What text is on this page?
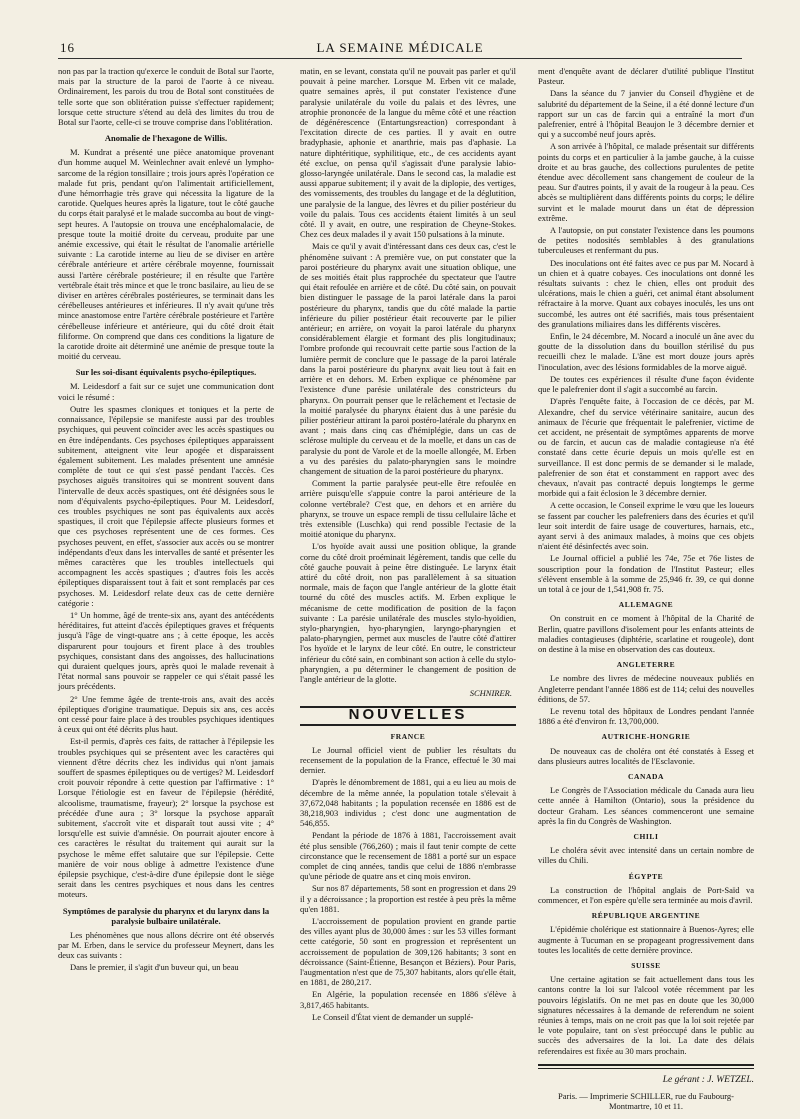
16	LA SEMAINE MÉDICALE

non pas par la traction qu'exerce le conduit de Botal sur l'aorte, mais par la structure de la paroi de l'aorte à ce niveau. Ordinairement, les parois du trou de Botal sont constituées de telle sorte que son oblitération puisse s'effectuer rapidement; lorsque cette structure s'étend au delà des limites du trou de Botal sur l'aorte, celle-ci se trouve comprise dans l'oblitération.

Anomalie de l'hexagone de Willis.

M. Kundrat a présenté une pièce anatomique provenant d'un homme auquel M. Weinlechner avait enlevé un lympho-sarcome de la région tonsillaire ; trois jours après l'opération ce malade fut pris, pendant qu'on l'alimentait artificiellement, d'une hémorrhagie très grave qui nécessita la ligature de la carotide. Quelques heures après la ligature, tout le côté gauche du corps était paralysé et le malade succomba au bout de vingt-sept heures. A l'autopsie on trouva une encéphalomalacie, de presque toute la moitié droite du cerveau, produite par une anémie excessive, qui était le résultat de l'anomalie artérielle suivante : La carotide interne au lieu de se diviser en artère cérébrale antérieure et artère cérébrale moyenne, fournissait aussi l'artère cérébrale postérieure; il en résulte que l'artère vertébrale était très mince et que le tronc basilaire, au lieu de se diviser en artères cérébrales postérieures, se terminait dans les cérébelleuses antérieures et inférieures. Il n'y avait qu'une très mince anastomose entre l'artère cérébrale postérieure et l'artère cérébelleuse inférieure et antérieure, qui du côté droit était filiforme. On comprend que dans ces conditions la ligature de la carotide droite ait déterminé une anémie de presque toute la moitié du cerveau.

Sur les soi-disant équivalents psycho-épileptiques.

M. Leidesdorf a fait sur ce sujet une communication dont voici le résumé :

Outre les spasmes cloniques et toniques et la perte de connaissance, l'épilepsie se manifeste aussi par des troubles psychiques, qui peuvent coïncider avec les accès spastiques ou en être indépendants. Ces psychoses épileptiques apparaissent subitement, atteignent vite leur apogée et disparaissent également subitement. Les malades présentent une amnésie complète de tout ce qui s'est passé pendant l'accès. Ces psychoses aiguës transitoires qui se montrent souvent dans l'intervalle de deux accès spastiques, ont été désignées sous le nom d'équivalents psycho-épileptiques. Pour M. Leidesdorf, ces troubles psychiques ne sont pas équivalents aux accès spastiques, il croit que l'épilepsie affecte plusieurs formes et que ces psychoses représentent une de ces formes. Ces psychoses peuvent, en effet, s'associer aux accès ou se montrer indépendants d'eux dans les intervalles de santé et présenter les mêmes caractères que les troubles intellectuels qui accompagnent les accès spastiques ; d'autres fois les accès épileptiques disparaissent tout à fait et sont remplacés par ces psychoses. M. Leidesdorf relate deux cas de cette dernière catégorie :

1° Un homme, âgé de trente-six ans, ayant des antécédents héréditaires, fut atteint d'accès épileptiques graves et fréquents jusqu'à l'âge de vingt-quatre ans ; à cette époque, les accès disparurent pour toujours et firent place à des troubles psychiques, consistant dans des angoisses, des hallucinations qui duraient quelques jours, après quoi le malade revenait à l'état normal sans pouvoir se rappeler ce qui s'était passé les jours précédents.

2° Une femme âgée de trente-trois ans, avait des accès épileptiques d'origine traumatique. Depuis six ans, ces accès ont cessé pour faire place à des troubles psychiques identiques à ceux qui ont été décrits plus haut.

Est-il permis, d'après ces faits, de rattacher à l'épilepsie les troubles psychiques qui se présentent avec les caractères qui viennent d'être décrits chez les individus qui n'ont jamais souffert de spasmes épileptiques ou de vertiges? M. Leidesdorf croit pouvoir répondre à cette question par l'affirmative : 1° Lorsque l'étiologie est en faveur de l'épilepsie (hérédité, alcoolisme, traumatisme, frayeur); 2° lorsque la psychose est précédée d'une aura ; 3° lorsque la psychose apparaît subitement, s'accroît vite et disparaît tout aussi vite ; 4° lorsqu'elle est suivie d'amnésie. On pourrait ajouter encore à ces caractères le résultat du traitement qui aurait sur la psychose le même effet salutaire que sur l'épilepsie. Cette manière de voir nous oblige à admettre l'existence d'une épilepsie psychique, c'est-à-dire d'une épilepsie dont le siège serait dans les centres psychiques et nous dans les centres moteurs.

Symptômes de paralysie du pharynx et du larynx dans la paralysie bulbaire unilatérale.

Les phénomènes que nous allons décrire ont été observés par M. Erben, dans le service du professeur Meynert, dans les deux cas suivants :

Dans le premier, il s'agit d'un buveur qui, un beau

matin, en se levant, constata qu'il ne pouvait pas parler et qu'il pouvait à peine marcher. Lorsque M. Erben vit ce malade, quatre semaines après, il put constater l'existence d'une paralysie unilatérale du voile du palais et des lèvres, une atrophie prononcée de la langue du même côté et une réaction de dégénérescence (Entartungsreaction) correspondant à l'excitation directe de ces parties. Il y avait en outre bradyphasie, aphonie et anarthrie, mais pas d'aphasie. La nature diphtéritique, syphilitique, etc., de ces accidents ayant été exclue, on pensa qu'il s'agissait d'une paralysie labio-glosso-laryngée unilatérale. Dans le second cas, la maladie est aussi apparue subitement; il y avait de la diplopie, des vertiges, des vomissements, des troubles du langage et de la déglutition, une paralysie de la langue, des lèvres et du pilier postérieur du voile du palais. Tous ces accidents étaient limités à un seul côté. Il y avait, en outre, une respiration de Cheyne-Stokes. Chez ces deux malades il y avait 150 pulsations à la minute.

Mais ce qu'il y avait d'intéressant dans ces deux cas, c'est le phénomène suivant : A première vue, on put constater que la paroi postérieure du pharynx avait une situation oblique, une de ses moitiés était plus rapprochée du spectateur que l'autre qui était refoulée en arrière et de côté. Du côté sain, on pouvait bien distinguer le passage de la paroi latérale dans la paroi postérieure du pharynx, tandis que du côté malade la partie inférieure du pilier postérieur était recouverte par le pilier antérieur; en arrière, on voyait la paroi latérale du pharynx considérablement élargie et formant des plis longitudinaux; l'ombre profonde qui recouvrait cette partie sous l'action de la lumière permit de conclure que le passage de la paroi latérale dans la paroi postérieure du pharynx avait lieu tout à fait en arrière et en dehors. M. Erben explique ce phénomène par l'existence d'une parésie unilatérale des constricteurs du pharynx. On pourrait penser que le relâchement et l'ectasie de la moitié paralysée du pharynx étaient dus à une parésie du pilier postérieur attirant la paroi postéro-latérale du pharynx en avant ; mais dans cinq cas d'hémiplégie, dans un cas de sclérose multiple du cerveau et de la moelle, et dans un cas de paralysie du pont de Varole et de la moelle allongée, M. Erben a vu des parésies du palato-pharyngien sans le moindre changement de situation de la paroi postérieure du pharynx.

Comment la partie paralysée peut-elle être refoulée en arrière puisqu'elle s'appuie contre la paroi antérieure de la colonne vertébrale? C'est que, en dehors et en arrière du pharynx, se trouve un espace rempli de tissu cellulaire lâche et très extensible (Luschka) qui rend possible l'ectasie de la moitié atonique du pharynx.

L'os hyoïde avait aussi une position oblique, la grande corne du côté droit proéminait légèrement, tandis que celle du côté gauche pouvait à peine être distinguée. Le larynx était attiré du côté droit, non pas parallèlement à sa situation normale, mais de façon que l'angle antérieur de la glotte était tourné du côté des muscles actifs. M. Erben explique le mécanisme de cette modification de position de la façon suivante : La parésie unilatérale des muscles stylo-hyoïdien, stylo-pharyngien, hyo-pharyngien, laryngo-pharyngien et palato-pharyngien, permet aux muscles de l'autre côté d'attirer l'os hyoïde et le larynx de leur côté. En outre, le constricteur inférieur du côté sain, en combinant son action à celle du stylo-pharyngien, a pu déterminer le changement de position de l'angle antérieur de la glotte.

SCHNIRER.
NOUVELLES
FRANCE

Le Journal officiel vient de publier les résultats du recensement de la population de la France, effectué le 30 mai dernier.

D'après le dénombrement de 1881, qui a eu lieu au mois de décembre de la même année, la population totale s'élevait à 37,672,048 habitants ; la population recensée en 1886 est de 38,218,903 individus ; c'est donc une augmentation de 546,855.

Pendant la période de 1876 à 1881, l'accroissement avait été plus sensible (766,260) ; mais il faut tenir compte de cette circonstance que le recensement de 1881 a porté sur un espace complet de cinq années, tandis que celui de 1886 n'embrasse qu'une période de quatre ans et cinq mois environ.

Sur nos 87 départements, 58 sont en progression et dans 29 il y a décroissance ; la proportion est restée à peu près la même qu'en 1881.

L'accroissement de population provient en grande partie des villes ayant plus de 30,000 âmes : sur les 53 villes formant cette catégorie, 50 sont en progression et représentent un accroissement de population de 309,126 habitants; 3 sont en décroissance (Saint-Étienne, Besançon et Béziers). Pour Paris, l'augmentation n'est que de 75,307 habitants, alors qu'elle était, en 1881, de 280,217.

En Algérie, la population recensée en 1886 s'élève à 3,817,465 habitants.

Le Conseil d'État vient de demander un supplé-

ment d'enquête avant de déclarer d'utilité publique l'Institut Pasteur.

Dans la séance du 7 janvier du Conseil d'hygiène et de salubrité du département de la Seine, il a été donné lecture d'un rapport sur un cas de farcin qui a entraîné la mort d'un palefrenier, entré à l'hôpital Beaujon le 3 décembre dernier et qui y a succombé neuf jours après.

A son arrivée à l'hôpital, ce malade présentait sur différents points du corps et en particulier à la jambe gauche, à la cuisse droite et au bras gauche, des collections purulentes de petite étendue avec décollement sans changement de couleur de la peau. Sur d'autres points, il y avait de la rougeur à la peau. Ces abcès se multiplièrent dans différents points du corps; le délire survint et le malade mourut dans un état de dépression extrême.

A l'autopsie, on put constater l'existence dans les poumons de petites nodosités semblables à des granulations tuberculeuses et renfermant du pus.

Des inoculations ont été faites avec ce pus par M. Nocard à un chien et à quatre cobayes. Ces inoculations ont donné les résultats suivants : chez le chien, elles ont produit des ulcérations, mais le chien a guéri, cet animal étant absolument réfractaire à la morve. Quant aux cobayes inoculés, les uns ont succombé, les autres ont été sacrifiés, mais tous présentaient des granulations miliaires dans les différents viscères.

Enfin, le 24 décembre, M. Nocard a inoculé un âne avec du goutte de la dissolution dans du bouillon stérilisé du pus recueilli chez le malade. L'âne est mort douze jours après l'inoculation, avec des lésions formidables de la morve aiguë.

De toutes ces expériences il résulte d'une façon évidente que le palefrenier dont il s'agit a succombé au farcin.

D'après l'enquête faite, à l'occasion de ce décès, par M. Alexandre, chef du service vétérinaire sanitaire, aucun des animaux de l'écurie que fréquentait le palefrenier, victime de cet accident, ne présentait de symptômes apparents de morve ou de farcin, et aucun cas de maladie contagieuse n'a été constaté dans cette écurie depuis un mois qu'elle est en surveillance. Il est donc permis de se demander si le malade, palefrenier de son état et constamment en rapport avec des chevaux, n'avait pas contracté depuis longtemps le germe morbide qui a fait éclosion le 3 décembre dernier.

A cette occasion, le Conseil exprime le vœu que les loueurs se fassent par coucher les palefreniers dans des écuries et qu'il leur soit interdit de faire usage de couvertures, harnais, etc., ayant servi à des animaux malades, à moins que ces objets n'aient été désinfectés avec soin.

Le Journal officiel a publié les 74e, 75e et 76e listes de souscription pour la fondation de l'Institut Pasteur; elles s'élèvent ensemble à la somme de 25,946 fr. 39, ce qui donne un total à ce jour de 1,541,908 fr. 75.

ALLEMAGNE

On construit en ce moment à l'hôpital de la Charité de Berlin, quatre pavillons d'isolement pour les enfants atteints de maladies contagieuses (diphtérie, scarlatine et rougeole), dont on destine à la mise en observation des cas douteux.

ANGLETERRE

Le nombre des livres de médecine nouveaux publiés en Angleterre pendant l'année 1886 est de 114; celui des nouvelles éditions, de 57.

Le revenu total des hôpitaux de Londres pendant l'année 1886 a été d'environ fr. 13,700,000.

AUTRICHE-HONGRIE

De nouveaux cas de choléra ont été constatés à Esseg et dans plusieurs autres localités de l'Esclavonie.

CANADA

Le Congrès de l'Association médicale du Canada aura lieu cette année à Hamilton (Ontario), sous la présidence du docteur Graham. Les séances commenceront une semaine après la fin du Congrès de Washington.

CHILI

Le choléra sévit avec intensité dans un certain nombre de villes du Chili.

ÉGYPTE

La construction de l'hôpital anglais de Port-Saïd va commencer, et l'on espère qu'elle sera terminée au mois d'avril.

RÉPUBLIQUE ARGENTINE

L'épidémie cholérique est stationnaire à Buenos-Ayres; elle augmente à Tucuman en se propageant progressivement dans toutes les localités de cette dernière province.

SUISSE

Une certaine agitation se fait actuellement dans tous les cantons contre la loi sur l'alcool votée récemment par les pouvoirs législatifs. On ne met pas en doute que les 30,000 signatures nécessaires à la demande de referendum ne soient réunies à temps, mais on ne croit pas que la loi soit rejetée par le vote populaire, tant on s'est préoccupé dans le public au succès des adversaires de la loi. La date des délais referendaires est fixée au 30 mars prochain.

Le gérant : J. WETZEL.
Paris. — Imprimerie SCHILLER, rue du Faubourg-Montmartre, 10 et 11.
